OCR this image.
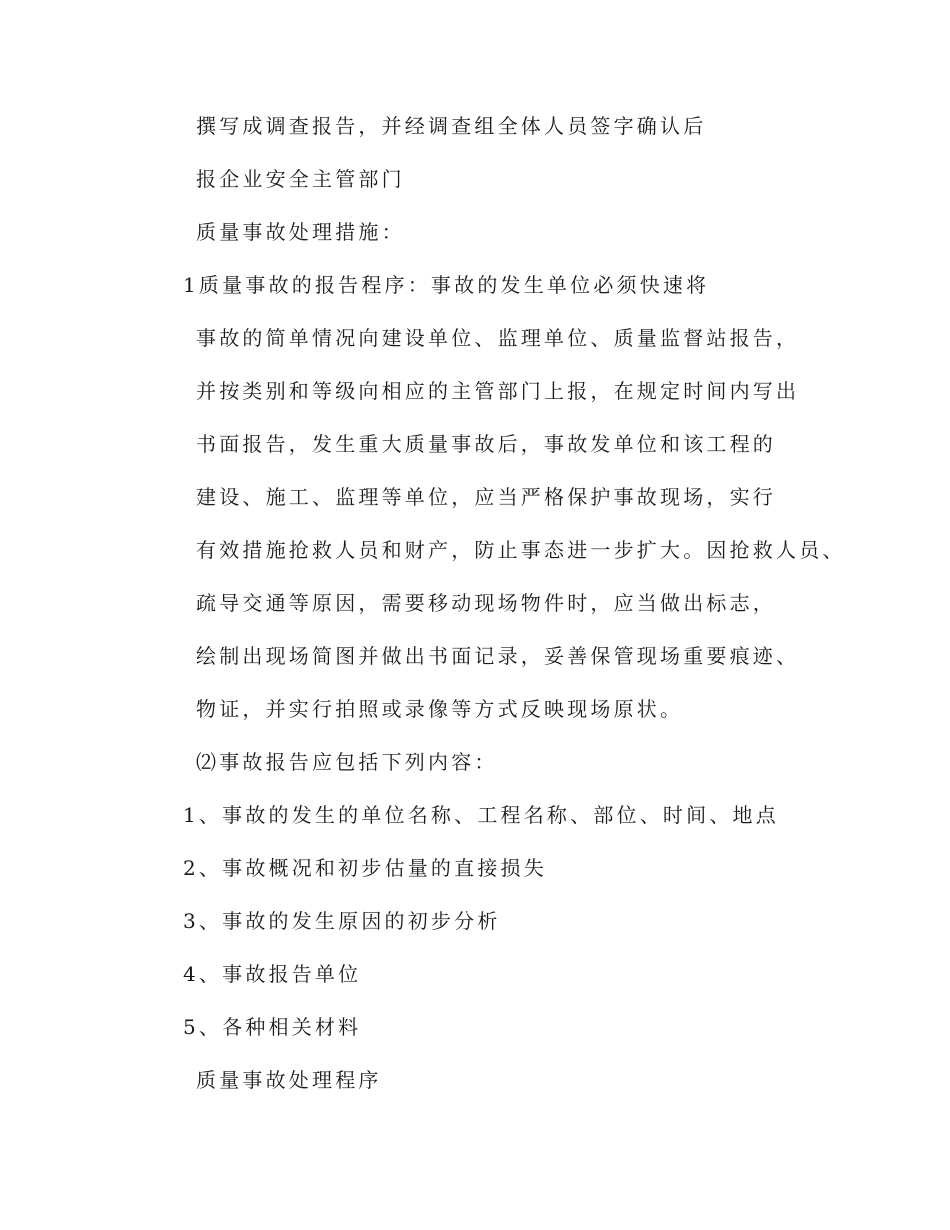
撰写成调查报告，并经调查组全体人员签字确认后
报企业安全主管部门
质量事故处理措施：
1质量事故的报告程序：事故的发生单位必须快速将
事故的简单情况向建设单位、监理单位、质量监督站报告，
并按类别和等级向相应的主管部门上报，在规定时间内写出
书面报告，发生重大质量事故后，事故发单位和该工程的
建设、施工、监理等单位，应当严格保护事故现场，实行
有效措施抢救人员和财产，防止事态进一步扩大。因抢救人员、
疏导交通等原因，需要移动现场物件时，应当做出标志，
绘制出现场简图并做出书面记录，妥善保管现场重要痕迹、
物证，并实行拍照或录像等方式反映现场原状。
⑵事故报告应包括下列内容：
1、事故的发生的单位名称、工程名称、部位、时间、地点
2、事故概况和初步估量的直接损失
3、事故的发生原因的初步分析
4、事故报告单位
5、各种相关材料
质量事故处理程序
